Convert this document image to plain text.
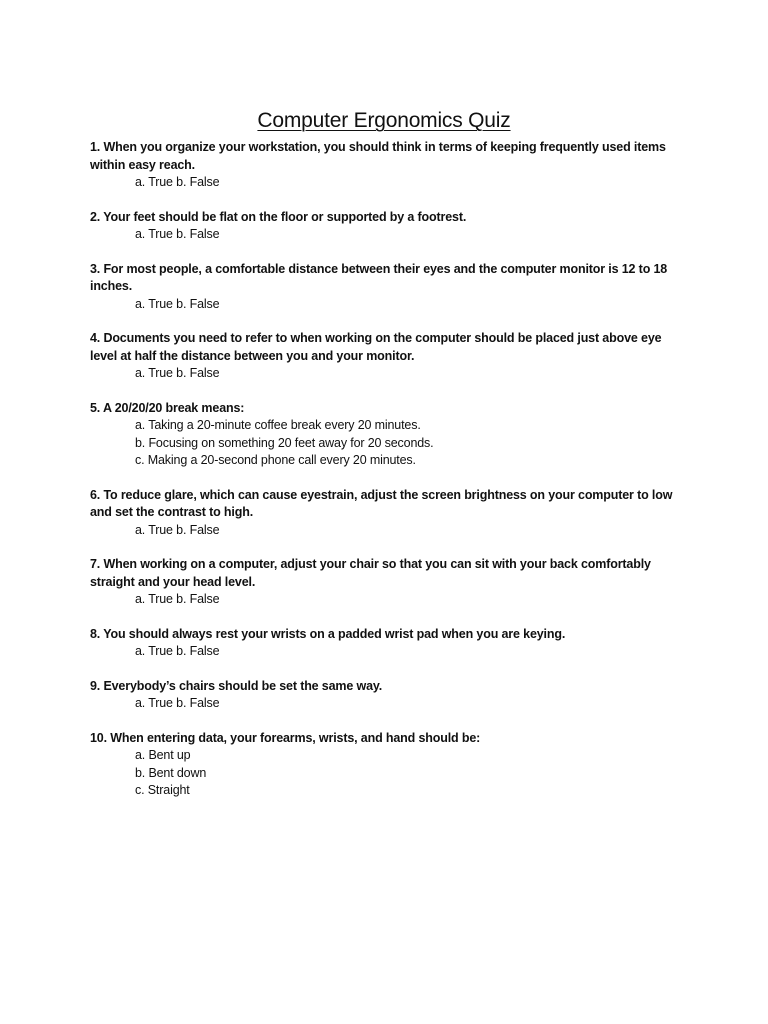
Computer Ergonomics Quiz
1. When you organize your workstation, you should think in terms of keeping frequently used items within easy reach.
a. True b. False
2. Your feet should be flat on the floor or supported by a footrest.
a. True b. False
3. For most people, a comfortable distance between their eyes and the computer monitor is 12 to 18 inches.
a. True b. False
4. Documents you need to refer to when working on the computer should be placed just above eye level at half the distance between you and your monitor.
a. True b. False
5. A 20/20/20 break means:
a. Taking a 20-minute coffee break every 20 minutes.
b. Focusing on something 20 feet away for 20 seconds.
c. Making a 20-second phone call every 20 minutes.
6. To reduce glare, which can cause eyestrain, adjust the screen brightness on your computer to low and set the contrast to high.
a. True b. False
7. When working on a computer, adjust your chair so that you can sit with your back comfortably straight and your head level.
a. True b. False
8. You should always rest your wrists on a padded wrist pad when you are keying.
a. True b. False
9. Everybody’s chairs should be set the same way.
a. True b. False
10. When entering data, your forearms, wrists, and hand should be:
a. Bent up
b. Bent down
c. Straight
